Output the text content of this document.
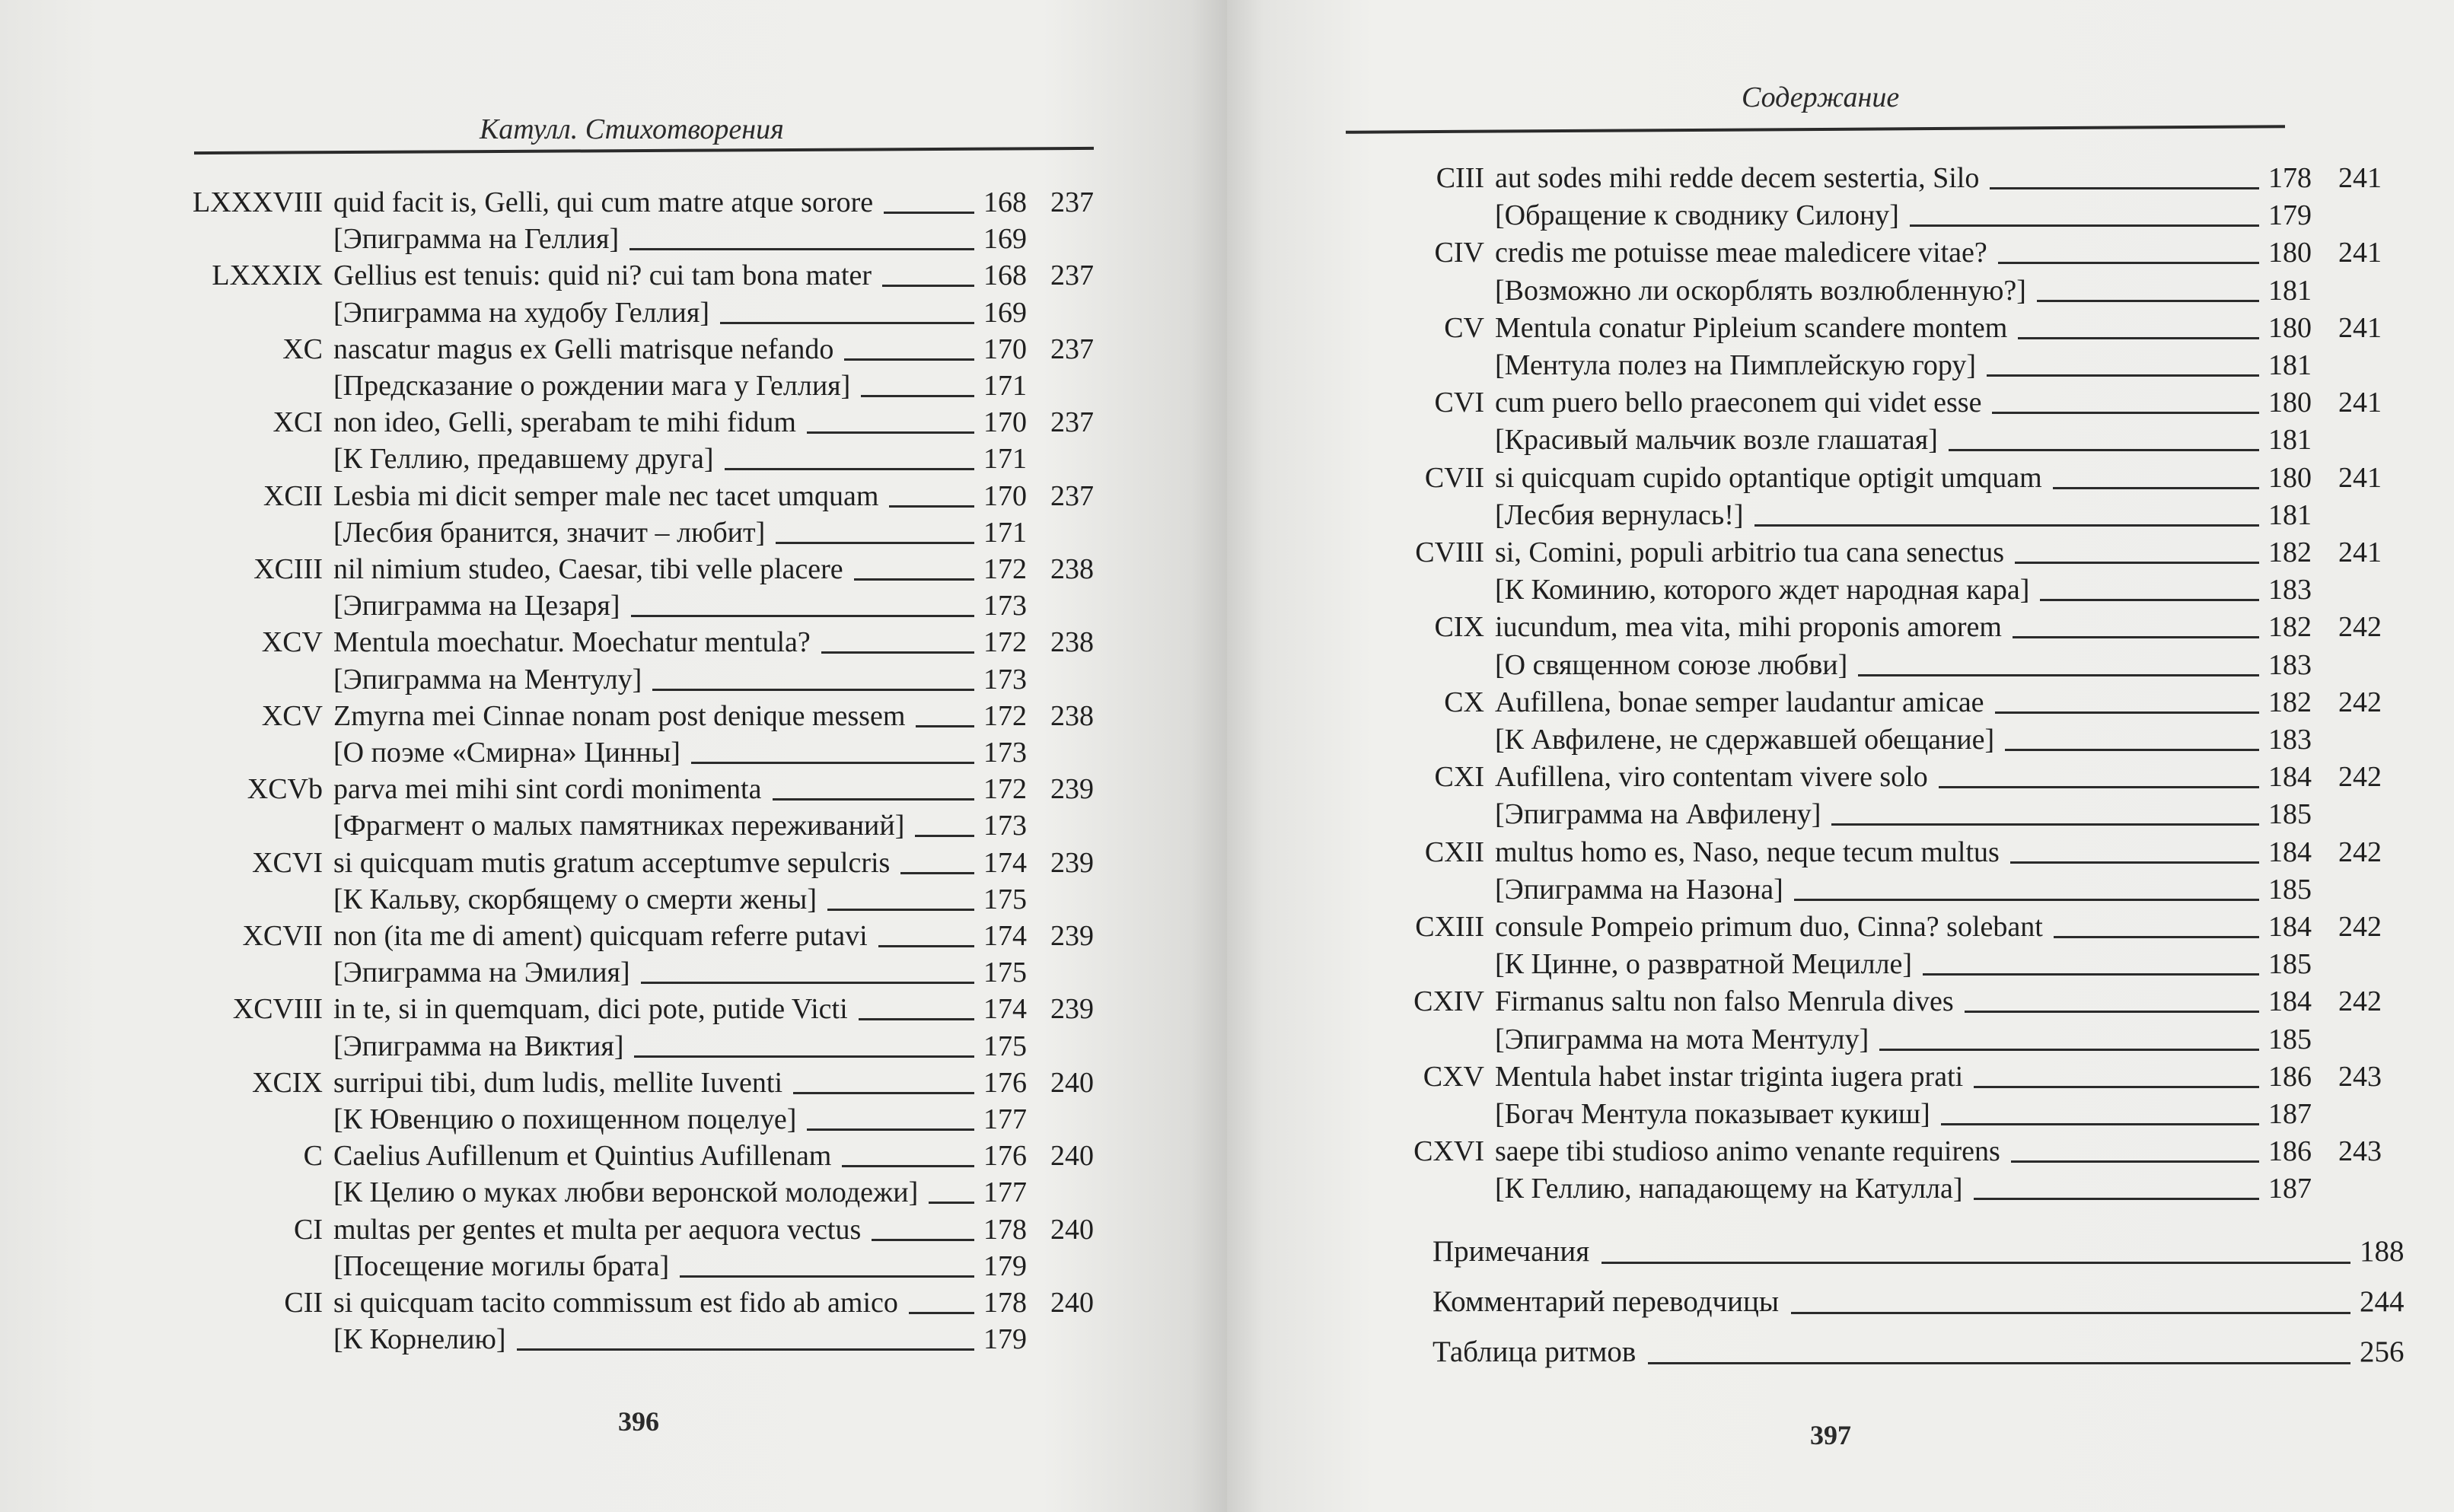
Катулл. Стихотворения
LXXXVIII quid facit is, Gelli, qui cum matre atque sorore	168 237
[Эпиграмма на Геллия]	169
LXXXIX Gellius est tenuis: quid ni? cui tam bona mater	168 237
[Эпиграмма на худобу Геллия]	169
XC nascatur magus ex Gelli matrisque nefando	170 237
[Предсказание о рождении мага у Геллия]	171
XCI non ideo, Gelli, sperabam te mihi fidum	170 237
[К Геллию, предавшему друга]	171
XCII Lesbia mi dicit semper male nec tacet umquam	170 237
[Лесбия бранится, значит – любит]	171
XCIII nil nimium studeo, Caesar, tibi velle placere	172 238
[Эпиграмма на Цезаря]	173
XCV Mentula moechatur. Moechatur mentula?	172 238
[Эпиграмма на Ментулу]	173
XCV Zmyrna mei Cinnae nonam post denique messem	172 238
[О поэме «Смирна» Цинны]	173
XCVb parva mei mihi sint cordi monimenta	172 239
[Фрагмент о малых памятниках переживаний]	173
XCVI si quicquam mutis gratum acceptumve sepulcris	174 239
[К Кальву, скорбящему о смерти жены]	175
XCVII non (ita me di ament) quicquam referre putavi	174 239
[Эпиграмма на Эмилия]	175
XCVIII in te, si in quemquam, dici pote, putide Victi	174 239
[Эпиграмма на Виктия]	175
XCIX surripui tibi, dum ludis, mellite Iuventi	176 240
[К Ювенцию о похищенном поцелуе]	177
C Caelius Aufillenum et Quintius Aufillenam	176 240
[К Целию о муках любви веронской молодежи] 177
CI multas per gentes et multa per aequora vectus	178 240
[Посещение могилы брата]	179
CII si quicquam tacito commissum est fido ab amico	178 240
[К Корнелию]	179
396
Содержание
CIII aut sodes mihi redde decem sestertia, Silo	178 241
[Обращение к своднику Силону]	179
CIV credis me potuisse meae maledicere vitae?	180 241
[Возможно ли оскорблять возлюбленную?]	181
CV Mentula conatur Pipleium scandere montem	180 241
[Ментула полез на Пимплейскую гору]	181
CVI cum puero bello praeconem qui videt esse	180 241
[Красивый мальчик возле глашатая]	181
CVII si quicquam cupido optantique optigit umquam	180 241
[Лесбия вернулась!]	181
CVIII si, Comini, populi arbitrio tua cana senectus	182 241
[К Коминию, которого ждет народная кара]	183
CIX iucundum, mea vita, mihi proponis amorem	182 242
[О священном союзе любви]	183
CX Aufillena, bonae semper laudantur amicae	182 242
[К Авфилене, не сдержавшей обещание]	183
CXI Aufillena, viro contentam vivere solo	184 242
[Эпиграмма на Авфилену]	185
CXII multus homo es, Naso, neque tecum multus	184 242
[Эпиграмма на Назона]	185
CXIII consule Pompeio primum duo, Cinna? solebant	184 242
[К Цинне, о развратной Мецилле]	185
CXIV Firmanus saltu non falso Menrula dives	184 242
[Эпиграмма на мота Ментулу]	185
CXV Mentula habet instar triginta iugera prati	186 243
[Богач Ментула показывает кукиш]	187
CXVI saepe tibi studioso animo venante requirens	186 243
[К Геллию, нападающему на Катулла]	187
Примечания	188
Комментарий переводчицы	244
Таблица ритмов	256
397
